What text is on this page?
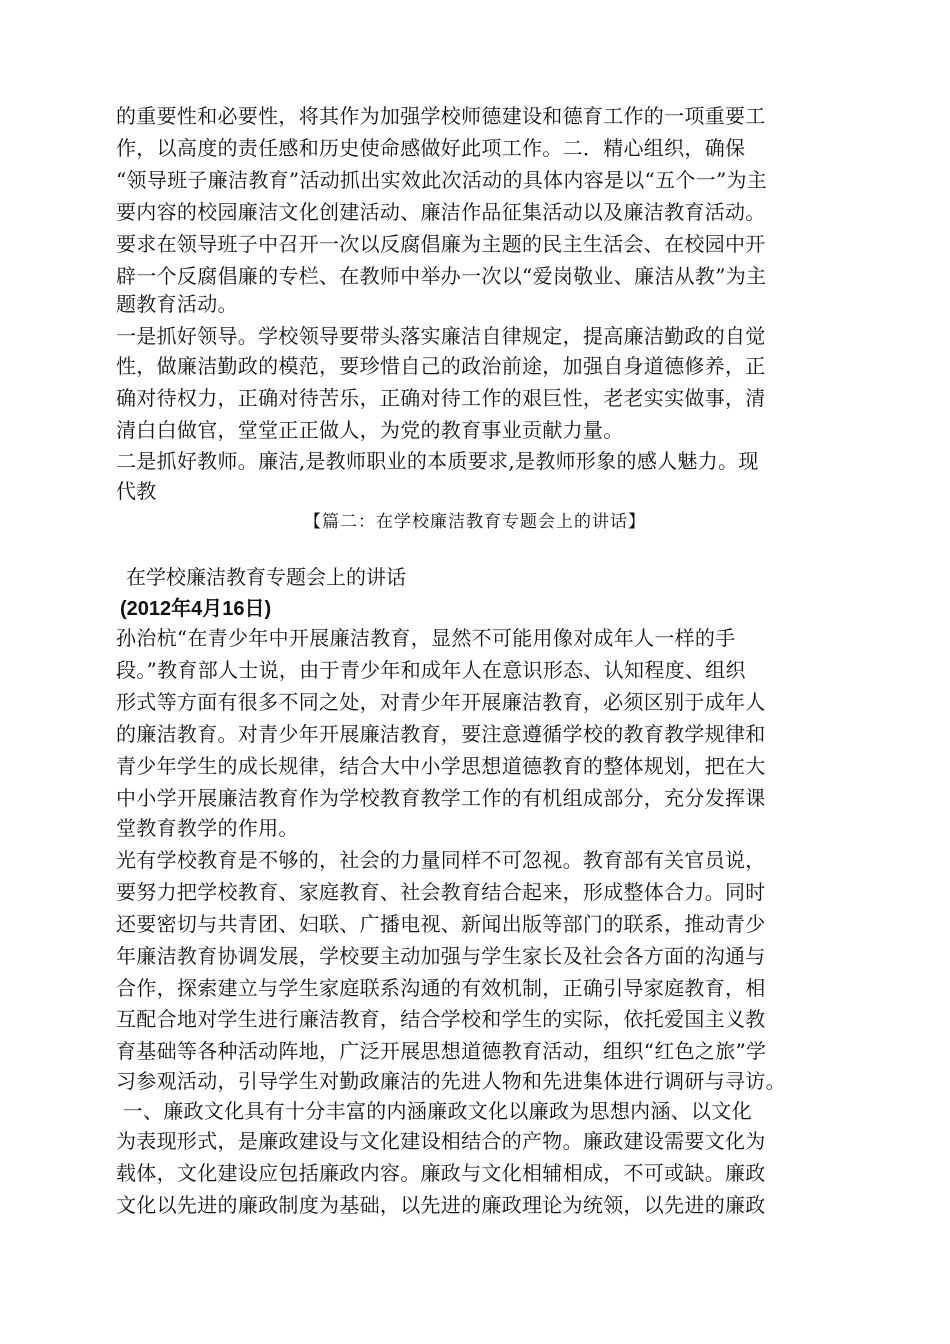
的重要性和必要性，将其作为加强学校师德建设和德育工作的一项重要工
作，以高度的责任感和历史使命感做好此项工作。二．精心组织，确保
“领导班子廉洁教育”活动抓出实效此次活动的具体内容是以“五个一”为主
要内容的校园廉洁文化创建活动、廉洁作品征集活动以及廉洁教育活动。
要求在领导班子中召开一次以反腐倡廉为主题的民主生活会、在校园中开
辟一个反腐倡廉的专栏、在教师中举办一次以“爱岗敬业、廉洁从教”为主
题教育活动。
一是抓好领导。学校领导要带头落实廉洁自律规定，提高廉洁勤政的自觉
性，做廉洁勤政的模范，要珍惜自己的政治前途，加强自身道德修养，正
确对待权力，正确对待苦乐，正确对待工作的艰巨性，老老实实做事，清
清白白做官，堂堂正正做人，为党的教育事业贡献力量。
二是抓好教师。廉洁,是教师职业的本质要求,是教师形象的感人魅力。现
代教
【篇二：在学校廉洁教育专题会上的讲话】
在学校廉洁教育专题会上的讲话
(2012年4月16日)
孙治杭“在青少年中开展廉洁教育，显然不可能用像对成年人一样的手
段。”教育部人士说，由于青少年和成年人在意识形态、认知程度、组织
形式等方面有很多不同之处，对青少年开展廉洁教育，必须区别于成年人
的廉洁教育。对青少年开展廉洁教育，要注意遵循学校的教育教学规律和
青少年学生的成长规律，结合大中小学思想道德教育的整体规划，把在大
中小学开展廉洁教育作为学校教育教学工作的有机组成部分，充分发挥课
堂教育教学的作用。
光有学校教育是不够的，社会的力量同样不可忽视。教育部有关官员说，
要努力把学校教育、家庭教育、社会教育结合起来，形成整体合力。同时
还要密切与共青团、妇联、广播电视、新闻出版等部门的联系，推动青少
年廉洁教育协调发展，学校要主动加强与学生家长及社会各方面的沟通与
合作，探索建立与学生家庭联系沟通的有效机制，正确引导家庭教育，相
互配合地对学生进行廉洁教育，结合学校和学生的实际，依托爱国主义教
育基础等各种活动阵地，广泛开展思想道德教育活动，组织“红色之旅”学
习参观活动，引导学生对勤政廉洁的先进人物和先进集体进行调研与寻访。
一、廉政文化具有十分丰富的内涵廉政文化以廉政为思想内涵、以文化
为表现形式，是廉政建设与文化建设相结合的产物。廉政建设需要文化为
载体，文化建设应包括廉政内容。廉政与文化相辅相成，不可或缺。廉政
文化以先进的廉政制度为基础，以先进的廉政理论为统领，以先进的廉政
